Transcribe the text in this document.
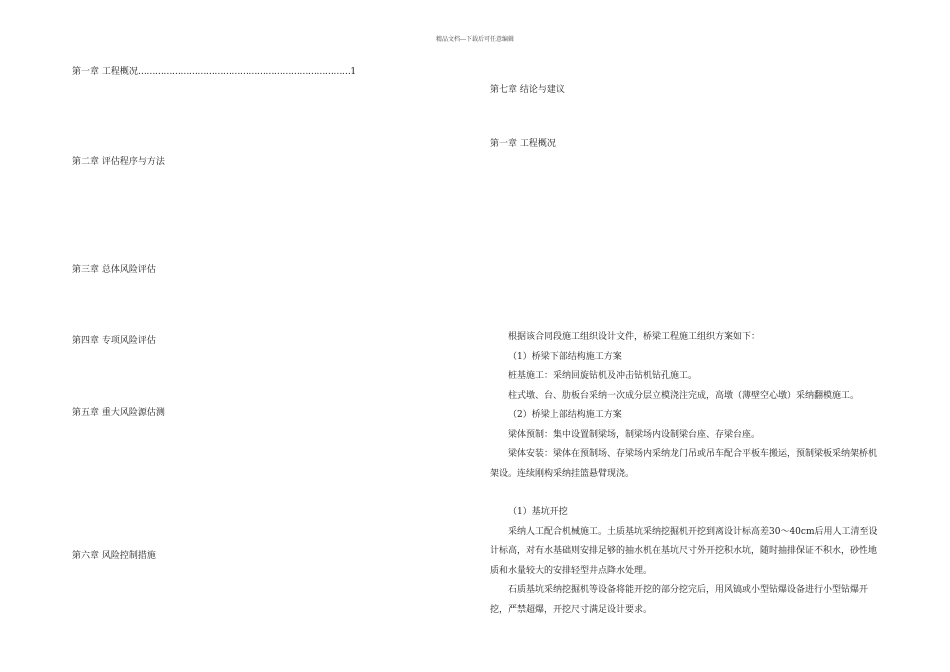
精品文档---下载后可任意编辑
第一章 工程概况…………………………………………………………………1
第二章 评估程序与方法
第三章 总体风险评估
第四章 专项风险评估
第五章 重大风险源估测
第六章 风险控制措施
第七章 结论与建议
第一章 工程概况

根据该合同段施工组织设计文件，桥梁工程施工组织方案如下：

（1）桥梁下部结构施工方案

桩基施工：采纳回旋钻机及冲击钻机钻孔施工。

柱式墩、台、肋板台采纳一次成分层立模浇注完成，高墩（薄壁空心墩）采纳翻模施工。

（2）桥梁上部结构施工方案

梁体预制：集中设置制梁场，制梁场内设制梁台座、存梁台座。

梁体安装：梁体在预制场、存梁场内采纳龙门吊或吊车配合平板车搬运，预制梁板采纳架桥机架设。连续刚构采纳挂篮悬臂现浇。

（1）基坑开挖

采纳人工配合机械施工。土质基坑采纳挖掘机开挖到离设计标高差30～40cm后用人工清至设计标高，对有水基础则安排足够的抽水机在基坑尺寸外开挖积水坑，随时抽排保证不积水，砂性地质和水量较大的安排轻型井点降水处理。

石质基坑采纳挖掘机等设备将能开挖的部分挖完后，用风镐或小型钻爆设备进行小型钻爆开挖，严禁超爆，开挖尺寸满足设计要求。
